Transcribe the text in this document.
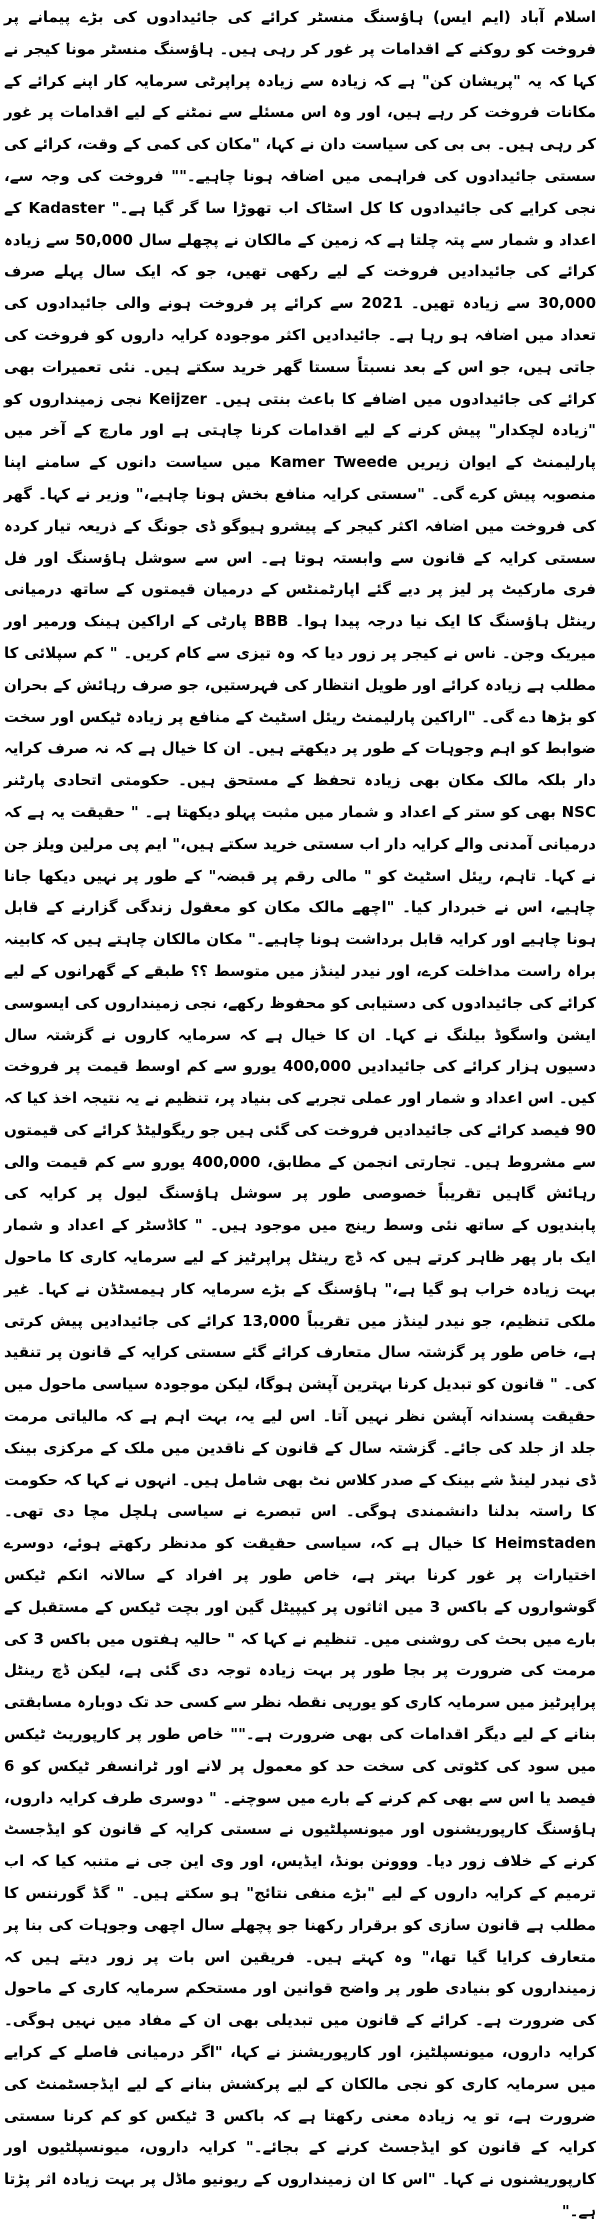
اسلام آباد (ایم ایس) ہاؤسنگ منسٹر کرائے کی جائیدادوں کی بڑے پیمانے پر فروخت کو روکنے کے اقدامات پر غور کر رہی ہیں۔ ہاؤسنگ منسٹر مونا کیجر نے کہا کہ یہ "پریشان کن" ہے کہ زیادہ سے زیادہ پراپرٹی سرمایہ کار اپنے کرائے کے مکانات فروخت کر رہے ہیں، اور وہ اس مسئلے سے نمٹنے کے لیے اقدامات پر غور کر رہی ہیں۔ بی بی کی سیاست دان نے کہا، "مکان کی کمی کے وقت، کرائے کی سستی جائیدادوں کی فراہمی میں اضافہ ہونا چاہیے۔"" فروخت کی وجہ سے، نجی کرایے کی جائیدادوں کا کل اسٹاک اب تھوڑا سا گر گیا ہے۔" Kadaster کے اعداد و شمار سے پتہ چلتا ہے کہ زمین کے مالکان نے پچھلے سال 50,000 سے زیادہ کرائے کی جائیدادیں فروخت کے لیے رکھی تھیں، جو کہ ایک سال پہلے صرف 30,000 سے زیادہ تھیں۔ 2021 سے کرائے پر فروخت ہونے والی جائیدادوں کی تعداد میں اضافہ ہو رہا ہے۔ جائیدادیں اکثر موجودہ کرایہ داروں کو فروخت کی جاتی ہیں، جو اس کے بعد نسبتاً سستا گھر خرید سکتے ہیں۔ نئی تعمیرات بھی کرائے کی جائیدادوں میں اضافے کا باعث بنتی ہیں۔ Keijzer نجی زمینداروں کو "زیادہ لچکدار" پیش کرنے کے لیے اقدامات کرنا چاہتی ہے اور مارچ کے آخر میں پارلیمنٹ کے ایوان زیریں Kamer Tweede میں سیاست دانوں کے سامنے اپنا منصوبہ پیش کرے گی۔ "سستی کرایہ منافع بخش ہونا چاہیے،" وزیر نے کہا۔ گھر کی فروخت میں اضافہ اکثر کیجر کے پیشرو ہیوگو ڈی جونگ کے ذریعہ تیار کردہ سستی کرایہ کے قانون سے وابستہ ہوتا ہے۔ اس سے سوشل ہاؤسنگ اور فل فری مارکیٹ پر لیز پر دیے گئے اپارٹمنٹس کے درمیان قیمتوں کے ساتھ درمیانی رینٹل ہاؤسنگ کا ایک نیا درجہ پیدا ہوا۔ BBB پارٹی کے اراکین ہینک ورمیر اور میریک وجن۔ ناس نے کیجر پر زور دیا کہ وہ تیزی سے کام کریں۔ " کم سپلائی کا مطلب ہے زیادہ کرائے اور طویل انتظار کی فہرستیں، جو صرف رہائش کے بحران کو بڑھا دے گی۔ "اراکین پارلیمنٹ ریئل اسٹیٹ کے منافع پر زیادہ ٹیکس اور سخت ضوابط کو اہم وجوہات کے طور پر دیکھتے ہیں۔ ان کا خیال ہے کہ نہ صرف کرایہ دار بلکہ مالک مکان بھی زیادہ تحفظ کے مستحق ہیں۔ حکومتی اتحادی پارٹنر NSC بھی کو ستر کے اعداد و شمار میں مثبت پہلو دیکھتا ہے۔ " حقیقت یہ ہے کہ درمیانی آمدنی والے کرایہ دار اب سستی خرید سکتے ہیں،" ایم پی مرلین ویلز جن نے کہا۔ تاہم، ریئل اسٹیٹ کو " مالی رقم پر قبضہ" کے طور پر نہیں دیکھا جانا چاہیے، اس نے خبردار کیا۔ "اچھے مالک مکان کو معقول زندگی گزارنے کے قابل ہونا چاہیے اور کرایہ قابل برداشت ہونا چاہیے۔" مکان مالکان چاہتے ہیں کہ کابینہ براہ راست مداخلت کرے، اور نیدر لینڈز میں متوسط ؟؟ طبقے کے گھرانوں کے لیے کرائے کی جائیدادوں کی دستیابی کو محفوظ رکھے، نجی زمینداروں کی ایسوسی ایشن واسگوڈ بیلنگ نے کہا۔ ان کا خیال ہے کہ سرمایہ کاروں نے گزشتہ سال دسیوں ہزار کرائے کی جائیدادیں 400,000 یورو سے کم اوسط قیمت پر فروخت کیں۔ اس اعداد و شمار اور عملی تجربے کی بنیاد پر، تنظیم نے یہ نتیجہ اخذ کیا کہ 90 فیصد کرائے کی جائیدادیں فروخت کی گئی ہیں جو ریگولیٹڈ کرائے کی قیمتوں سے مشروط ہیں۔ تجارتی انجمن کے مطابق، 400,000 یورو سے کم قیمت والی رہائش گاہیں تقریباً خصوصی طور پر سوشل ہاؤسنگ لیول پر کرایہ کی پابندیوں کے ساتھ نئی وسط رینج میں موجود ہیں۔ " کاڈسٹر کے اعداد و شمار ایک بار پھر ظاہر کرتے ہیں کہ ڈچ رینٹل پراپرٹیز کے لیے سرمایہ کاری کا ماحول بہت زیادہ خراب ہو گیا ہے،" ہاؤسنگ کے بڑے سرمایہ کار ہیمسٹڈن نے کہا۔ غیر ملکی تنظیم، جو نیدر لینڈز میں تقریباً 13,000 کرائے کی جائیدادیں پیش کرتی ہے، خاص طور پر گزشتہ سال متعارف کرائے گئے سستی کرایہ کے قانون پر تنقید کی۔ " قانون کو تبدیل کرنا بہترین آپشن ہوگا، لیکن موجودہ سیاسی ماحول میں حقیقت پسندانہ آپشن نظر نہیں آتا۔ اس لیے یہ، بہت اہم ہے کہ مالیاتی مرمت جلد از جلد کی جائے۔ گزشتہ سال کے قانون کے ناقدین میں ملک کے مرکزی بینک ڈی نیدر لینڈ شے بینک کے صدر کلاس نٹ بھی شامل ہیں۔ انہوں نے کہا کہ حکومت کا راستہ بدلنا دانشمندی ہوگی۔ اس تبصرے نے سیاسی ہلچل مچا دی تھی۔ Heimstaden کا خیال ہے کہ، سیاسی حقیقت کو مدنظر رکھتے ہوئے، دوسرے اختیارات پر غور کرنا بہتر ہے، خاص طور پر افراد کے سالانہ انکم ٹیکس گوشواروں کے باکس 3 میں اثاثوں پر کیپیٹل گین اور بچت ٹیکس کے مستقبل کے بارے میں بحث کی روشنی میں۔ تنظیم نے کہا کہ " حالیہ ہفتوں میں باکس 3 کی مرمت کی ضرورت پر بجا طور پر بہت زیادہ توجہ دی گئی ہے، لیکن ڈچ رینٹل پراپرٹیز میں سرمایہ کاری کو یورپی نقطہ نظر سے کسی حد تک دوبارہ مسابقتی بنانے کے لیے دیگر اقدامات کی بھی ضرورت ہے۔"" خاص طور پر کارپوریٹ ٹیکس میں سود کی کٹوتی کی سخت حد کو معمول پر لانے اور ٹرانسفر ٹیکس کو 6 فیصد یا اس سے بھی کم کرنے کے بارے میں سوچنے۔ " دوسری طرف کرایہ داروں، ہاؤسنگ کارپوریشنوں اور میونسپلٹیوں نے سستی کرایہ کے قانون کو ایڈجسٹ کرنے کے خلاف زور دیا۔ ووونن بونڈ، ایڈیس، اور وی این جی نے متنبہ کیا کہ اب ترمیم کے کرایہ داروں کے لیے "بڑے منفی نتائج" ہو سکتے ہیں۔ " گڈ گورننس کا مطلب ہے قانون سازی کو برقرار رکھنا جو پچھلے سال اچھی وجوہات کی بنا پر متعارف کرایا گیا تھا،" وہ کہتے ہیں۔ فریقین اس بات پر زور دیتے ہیں کہ زمینداروں کو بنیادی طور پر واضح قوانین اور مستحکم سرمایہ کاری کے ماحول کی ضرورت ہے۔ کرائے کے قانون میں تبدیلی بھی ان کے مفاد میں نہیں ہوگی۔ کرایہ داروں، میونسپلٹیز، اور کارپوریشنز نے کہا، "اگر درمیانی فاصلے کے کرایے میں سرمایہ کاری کو نجی مالکان کے لیے پرکشش بنانے کے لیے ایڈجسٹمنٹ کی ضرورت ہے، تو یہ زیادہ معنی رکھتا ہے کہ باکس 3 ٹیکس کو کم کرنا سستی کرایہ کے قانون کو ایڈجسٹ کرنے کے بجائے۔" کرایہ داروں، میونسپلٹیوں اور کارپوریشنوں نے کہا۔ "اس کا ان زمینداروں کے ریونیو ماڈل پر بہت زیادہ اثر پڑتا ہے۔"
